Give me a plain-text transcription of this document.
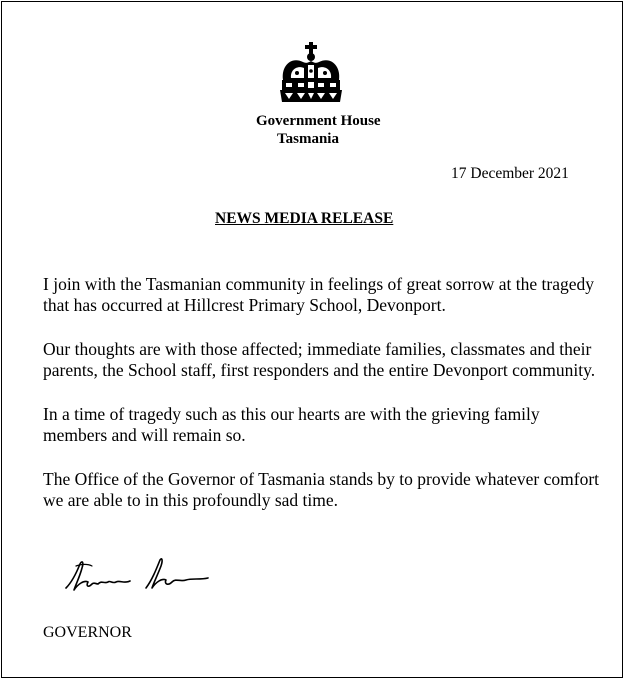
Government House
Tasmania
17 December 2021
NEWS MEDIA RELEASE

I join with the Tasmanian community in feelings of great sorrow at the tragedy that has occurred at Hillcrest Primary School, Devonport.

Our thoughts are with those affected; immediate families, classmates and their parents, the School staff, first responders and the entire Devonport community.

In a time of tragedy such as this our hearts are with the grieving family members and will remain so.

The Office of the Governor of Tasmania stands by to provide whatever comfort we are able to in this profoundly sad time.

GOVERNOR
